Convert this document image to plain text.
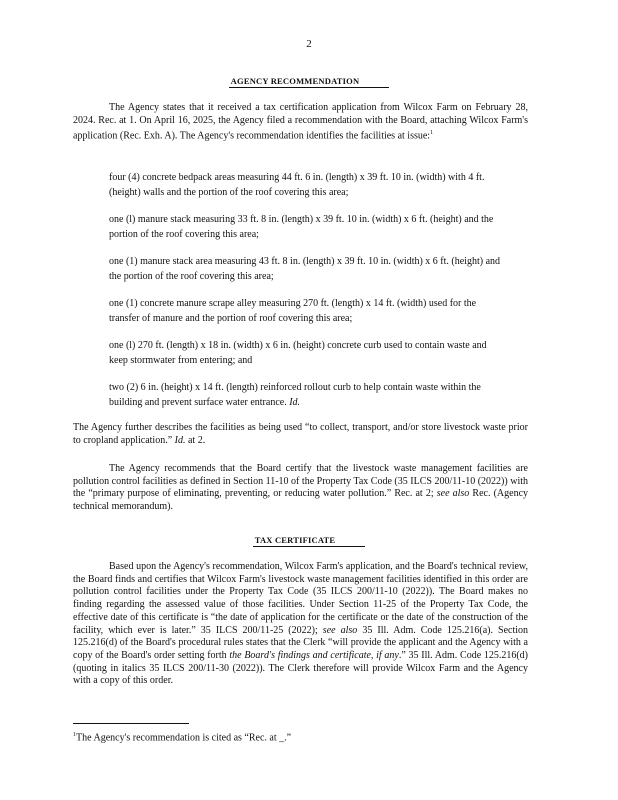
2
AGENCY RECOMMENDATION

The Agency states that it received a tax certification application from Wilcox Farm on February 28, 2024. Rec. at 1. On April 16, 2025, the Agency filed a recommendation with the Board, attaching Wilcox Farm's application (Rec. Exh. A). The Agency's recommendation identifies the facilities at issue:$^1$

four (4) concrete bedpack areas measuring 44 ft. 6 in. (length) x 39 ft. 10 in. (width) with 4 ft. (height) walls and the portion of the roof covering this area;

one (l) manure stack measuring 33 ft. 8 in. (length) x 39 ft. 10 in. (width) x 6 ft. (height) and the portion of the roof covering this area;

one (1) manure stack area measuring 43 ft. 8 in. (length) x 39 ft. 10 in. (width) x 6 ft. (height) and the portion of the roof covering this area;

one (1) concrete manure scrape alley measuring 270 ft. (length) x 14 ft. (width) used for the transfer of manure and the portion of roof covering this area;

one (l) 270 ft. (length) x 18 in. (width) x 6 in. (height) concrete curb used to contain waste and keep stormwater from entering; and

two (2) 6 in. (height) x 14 ft. (length) reinforced rollout curb to help contain waste within the building and prevent surface water entrance. Id.

The Agency further describes the facilities as being used “to collect, transport, and/or store livestock waste prior to cropland application.” Id. at 2.

The Agency recommends that the Board certify that the livestock waste management facilities are pollution control facilities as defined in Section 11-10 of the Property Tax Code (35 ILCS 200/11-10 (2022)) with the “primary purpose of eliminating, preventing, or reducing water pollution.” Rec. at 2; see also Rec. (Agency technical memorandum).

TAX CERTIFICATE

Based upon the Agency's recommendation, Wilcox Farm's application, and the Board's technical review, the Board finds and certifies that Wilcox Farm's livestock waste management facilities identified in this order are pollution control facilities under the Property Tax Code (35 ILCS 200/11-10 (2022)). The Board makes no finding regarding the assessed value of those facilities. Under Section 11-25 of the Property Tax Code, the effective date of this certificate is “the date of application for the certificate or the date of the construction of the facility, which ever is later.” 35 ILCS 200/11-25 (2022); see also 35 Ill. Adm. Code 125.216(a). Section 125.216(d) of the Board's procedural rules states that the Clerk “will provide the applicant and the Agency with a copy of the Board's order setting forth the Board's findings and certificate, if any.” 35 Ill. Adm. Code 125.216(d) (quoting in italics 35 ILCS 200/11-30 (2022)). The Clerk therefore will provide Wilcox Farm and the Agency with a copy of this order.

$^1$The Agency's recommendation is cited as “Rec. at _.”
